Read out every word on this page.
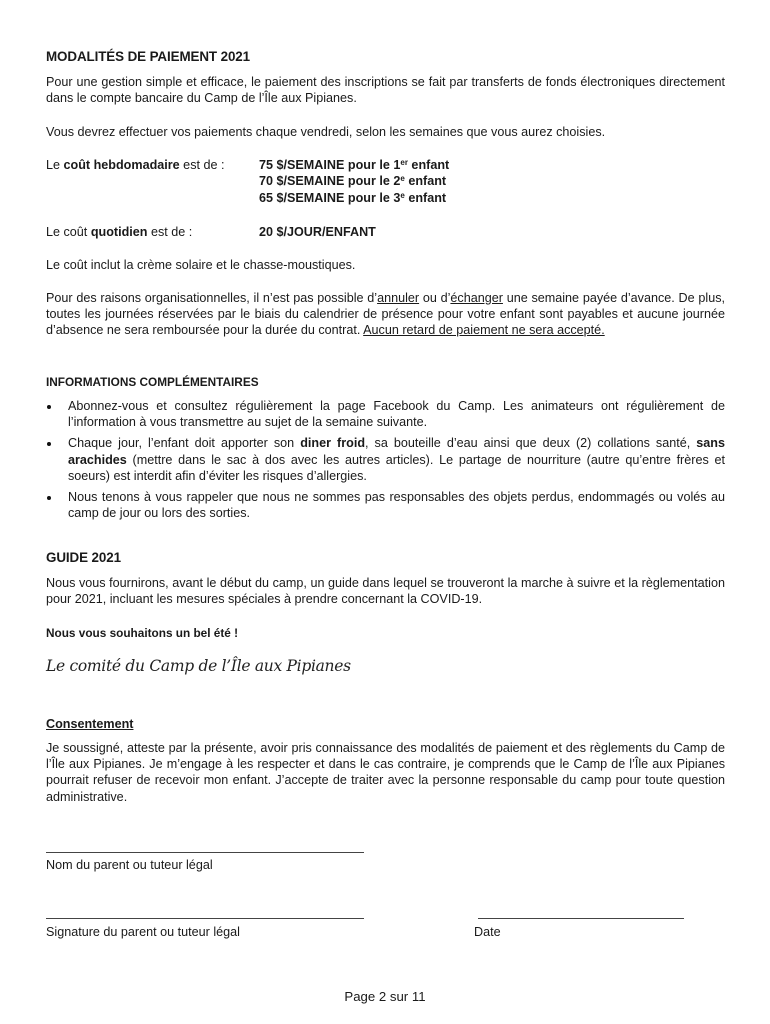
MODALITÉS DE PAIEMENT 2021
Pour une gestion simple et efficace, le paiement des inscriptions se fait par transferts de fonds électroniques directement dans le compte bancaire du Camp de l’Île aux Pipianes.
Vous devrez effectuer vos paiements chaque vendredi, selon les semaines que vous aurez choisies.
Le coût hebdomadaire est de :	75 $/SEMAINE pour le 1er enfant
70 $/SEMAINE pour le 2e enfant
65 $/SEMAINE pour le 3e enfant
Le coût quotidien est de :	20 $/JOUR/ENFANT
Le coût inclut la crème solaire et le chasse-moustiques.
Pour des raisons organisationnelles, il n’est pas possible d’annuler ou d’échanger une semaine payée d’avance. De plus, toutes les journées réservées par le biais du calendrier de présence pour votre enfant sont payables et aucune journée d’absence ne sera remboursée pour la durée du contrat. Aucun retard de paiement ne sera accepté.
INFORMATIONS COMPLÉMENTAIRES
Abonnez-vous et consultez régulièrement la page Facebook du Camp. Les animateurs ont régulièrement de l’information à vous transmettre au sujet de la semaine suivante.
Chaque jour, l’enfant doit apporter son diner froid, sa bouteille d’eau ainsi que deux (2) collations santé, sans arachides (mettre dans le sac à dos avec les autres articles). Le partage de nourriture (autre qu’entre frères et soeurs) est interdit afin d’éviter les risques d’allergies.
Nous tenons à vous rappeler que nous ne sommes pas responsables des objets perdus, endommagés ou volés au camp de jour ou lors des sorties.
GUIDE 2021
Nous vous fournirons, avant le début du camp, un guide dans lequel se trouveront la marche à suivre et la règlementation pour 2021, incluant les mesures spéciales à prendre concernant la COVID-19.
Nous vous souhaitons un bel été !
Le comité du Camp de l’Île aux Pipianes
Consentement
Je soussigné, atteste par la présente, avoir pris connaissance des modalités de paiement et des règlements du Camp de l’Île aux Pipianes. Je m’engage à les respecter et dans le cas contraire, je comprends que le Camp de l’Île aux Pipianes pourrait refuser de recevoir mon enfant. J’accepte de traiter avec la personne responsable du camp pour toute question administrative.
Nom du parent ou tuteur légal
Signature du parent ou tuteur légal	Date
Page 2 sur 11
